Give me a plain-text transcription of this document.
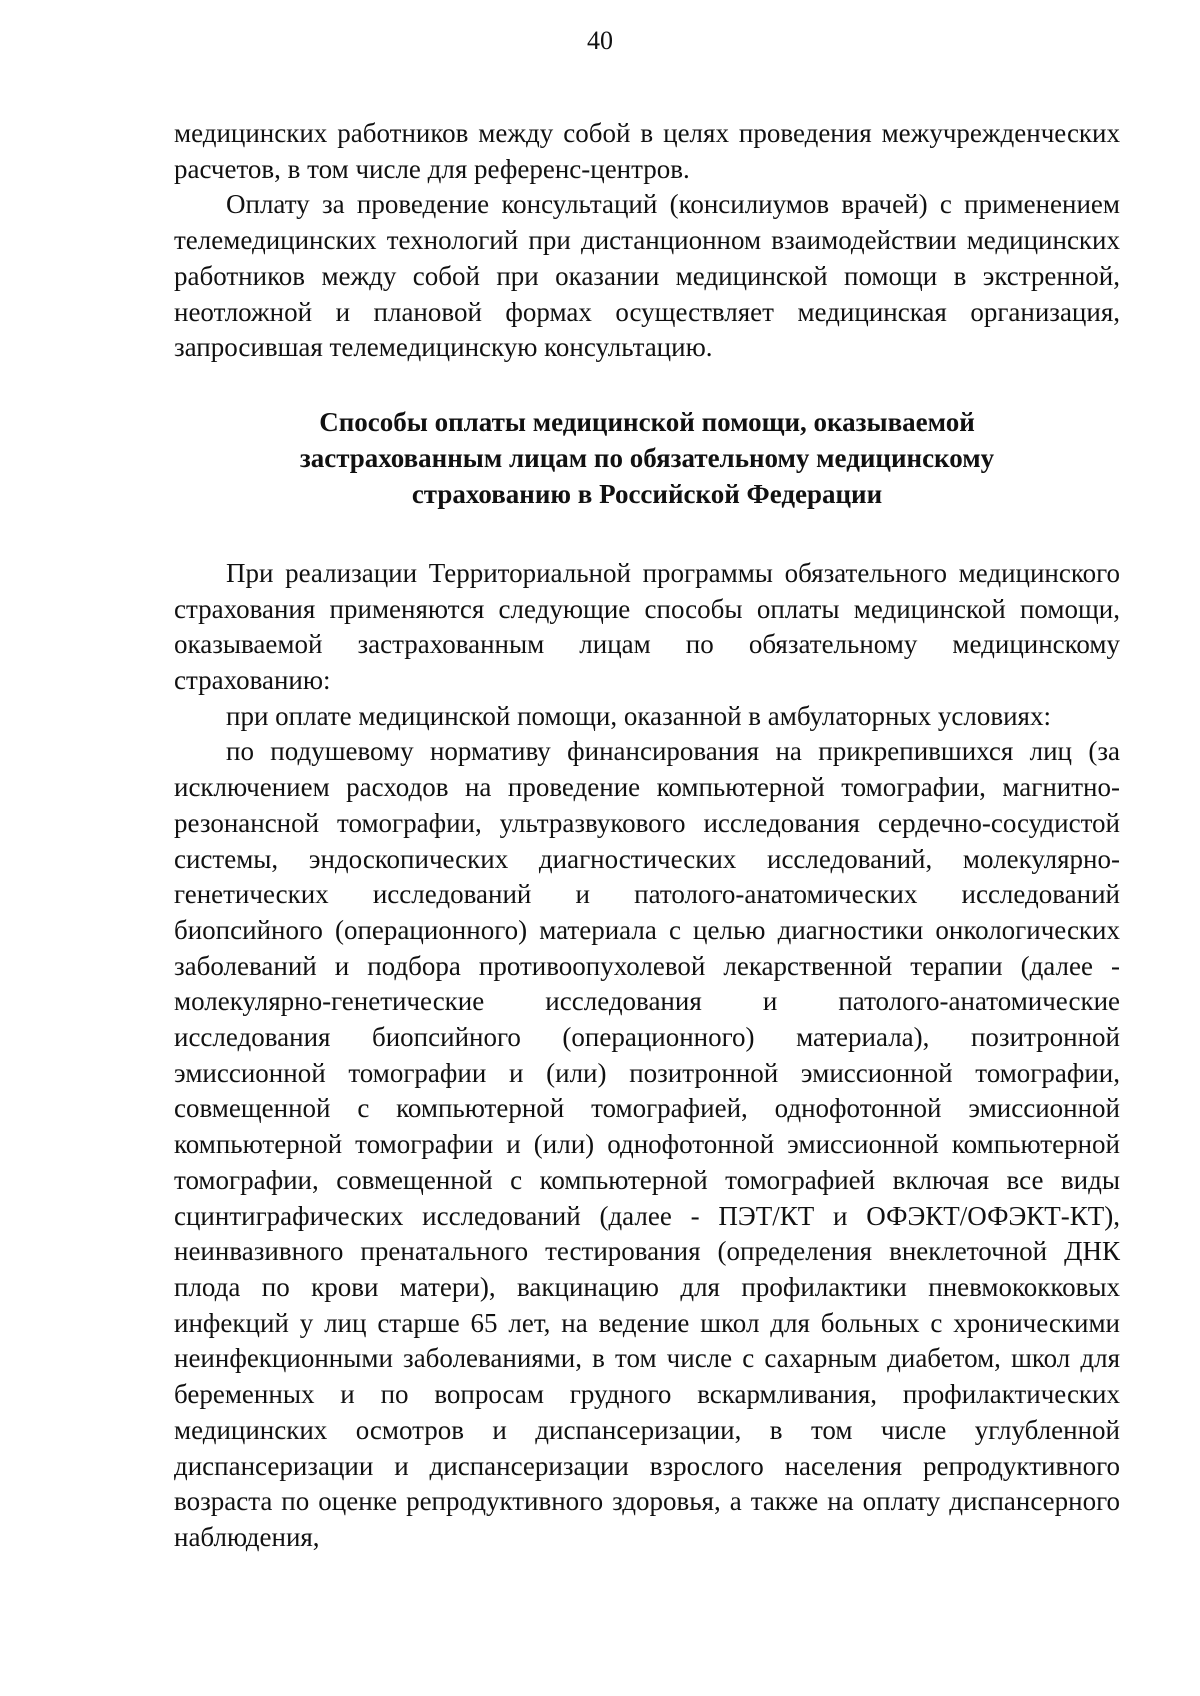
40

медицинских работников между собой в целях проведения межучрежденческих расчетов, в том числе для референс-центров.

Оплату за проведение консультаций (консилиумов врачей) с применением телемедицинских технологий при дистанционном взаимодействии медицинских работников между собой при оказании медицинской помощи в экстренной, неотложной и плановой формах осуществляет медицинская организация, запросившая телемедицинскую консультацию.

Способы оплаты медицинской помощи, оказываемой
застрахованным лицам по обязательному медицинскому
страхованию в Российской Федерации

При реализации Территориальной программы обязательного медицинского страхования применяются следующие способы оплаты медицинской помощи, оказываемой застрахованным лицам по обязательному медицинскому страхованию:

при оплате медицинской помощи, оказанной в амбулаторных условиях:

по подушевому нормативу финансирования на прикрепившихся лиц (за исключением расходов на проведение компьютерной томографии, магнитно-резонансной томографии, ультразвукового исследования сердечно-сосудистой системы, эндоскопических диагностических исследований, молекулярно-генетических исследований и патолого-анатомических исследований биопсийного (операционного) материала с целью диагностики онкологических заболеваний и подбора противоопухолевой лекарственной терапии (далее - молекулярно-генетические исследования и патолого-анатомические исследования биопсийного (операционного) материала), позитронной эмиссионной томографии и (или) позитронной эмиссионной томографии, совмещенной с компьютерной томографией, однофотонной эмиссионной компьютерной томографии и (или) однофотонной эмиссионной компьютерной томографии, совмещенной с компьютерной томографией включая все виды сцинтиграфических исследований (далее - ПЭТ/КТ и ОФЭКТ/ОФЭКТ-КТ), неинвазивного пренатального тестирования (определения внеклеточной ДНК плода по крови матери), вакцинацию для профилактики пневмококковых инфекций у лиц старше 65 лет, на ведение школ для больных с хроническими неинфекционными заболеваниями, в том числе с сахарным диабетом, школ для беременных и по вопросам грудного вскармливания, профилактических медицинских осмотров и диспансеризации, в том числе углубленной диспансеризации и диспансеризации взрослого населения репродуктивного возраста по оценке репродуктивного здоровья, а также на оплату диспансерного наблюдения,
